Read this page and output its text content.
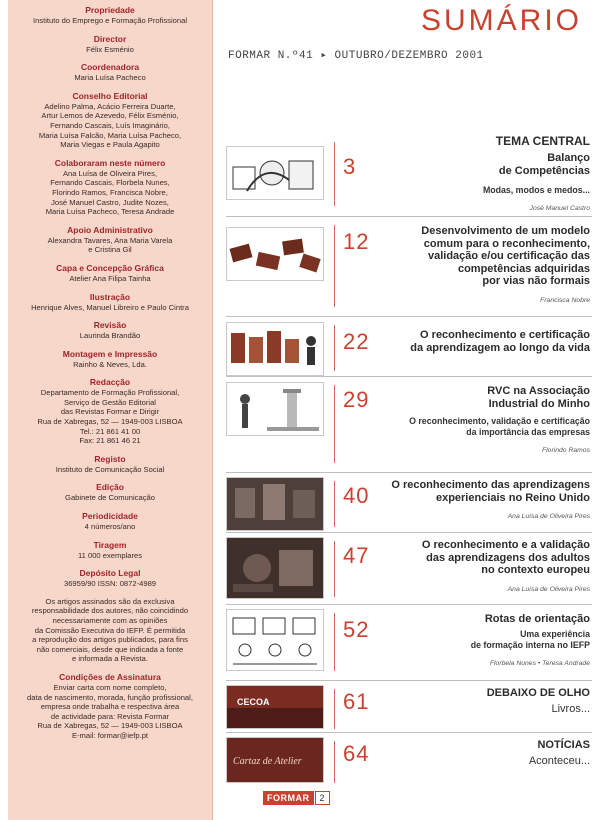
Propriedade
Instituto do Emprego e Formação Profissional
Director
Félix Esménio
Coordenadora
Maria Luísa Pacheco
Conselho Editorial
Adelino Palma, Acácio Ferreira Duarte,
Artur Lemos de Azevedo, Félix Esménio,
Fernando Cascais, Luís Imaginário,
Maria Luísa Falcão, Maria Luísa Pacheco,
Maria Viegas e Paula Agapito
Colaboraram neste número
Ana Luísa de Oliveira Pires,
Fernando Cascais, Florbela Nunes,
Florindo Ramos, Francisca Nobre,
José Manuel Castro, Judite Nozes,
Maria Luísa Pacheco, Teresa Andrade
Apoio Administrativo
Alexandra Tavares, Ana Maria Varela
e Cristina Gil
Capa e Concepção Gráfica
Atelier Ana Filipa Tainha
Ilustração
Henrique Alves, Manuel Libreiro e Paulo Cintra
Revisão
Laurinda Brandão
Montagem e Impressão
Rainho & Neves, Lda.
Redacção
Departamento de Formação Profissional,
Serviço de Gestão Editorial
das Revistas Formar e Dirigir
Rua de Xabregas, 52 — 1949-003 LISBOA
Tel.: 21 861 41 00
Fax: 21 861 46 21
Registo
Instituto de Comunicação Social
Edição
Gabinete de Comunicação
Periodicidade
4 números/ano
Tiragem
11 000 exemplares
Depósito Legal
36959/90 ISSN: 0872-4989
Os artigos assinados são da exclusiva
responsabilidade dos autores, não coincidindo
necessariamente com as opiniões
da Comissão Executiva do IEFP. É permitida
a reprodução dos artigos publicados, para fins
não comerciais, desde que indicada a fonte
e informada a Revista.
Condições de Assinatura
Enviar carta com nome completo,
data de nascimento, morada, função profissional,
empresa onde trabalha e respectiva área
de actividade para: Revista Formar
Rua de Xabregas, 52 — 1949-003 LISBOA
E-mail: formar@iefp.pt
SUMÁRIO
FORMAR N.º41 ▸ OUTUBRO/DEZEMBRO 2001
3
TEMA CENTRAL
Balanço
de Competências
Modas, modos e medos...
José Manuel Castro
12	Desenvolvimento de um modelo
comum para o reconhecimento,
validação e/ou certificação das
competências adquiridas
por vias não formais
Francisca Nobre
22	O reconhecimento e certificação
da aprendizagem ao longo da vida
29	RVC na Associação
Industrial do Minho
O reconhecimento, validação e certificação
da importância das empresas
Florindo Ramos
40	O reconhecimento das aprendizagens
experienciais no Reino Unido
Ana Luísa de Oliveira Pires
47	O reconhecimento e a validação
das aprendizagens dos adultos
no contexto europeu
Ana Luísa de Oliveira Pires
52	Rotas de orientação
Uma experiência
de formação interna no IEFP
Florbela Nunes • Teresa Andrade
CECOA	61	DEBAIXO DE OLHO
Livros...
Cartaz de Atelier 64	NOTÍCIAS
Aconteceu...
FORMAR	2
